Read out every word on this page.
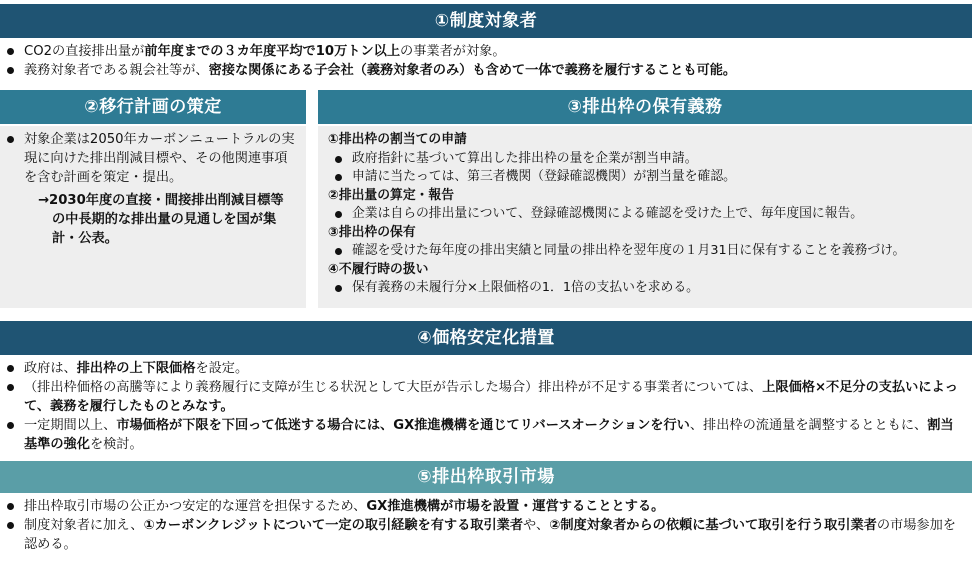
①制度対象者
CO2の直接排出量が前年度までの３カ年度平均で10万トン以上の事業者が対象。
義務対象者である親会社等が、密接な関係にある子会社（義務対象者のみ）も含めて一体で義務を履行することも可能。
②移行計画の策定
対象企業は2050年カーボンニュートラルの実現に向けた排出削減目標や、その他関連事項を含む計画を策定・提出。
→2030年度の直接・間接排出削減目標等の中長期的な排出量の見通しを国が集計・公表。
③排出枠の保有義務
①排出枠の割当ての申請
政府指針に基づいて算出した排出枠の量を企業が割当申請。
申請に当たっては、第三者機関（登録確認機関）が割当量を確認。
②排出量の算定・報告
企業は自らの排出量について、登録確認機関による確認を受けた上で、毎年度国に報告。
③排出枠の保有
確認を受けた毎年度の排出実績と同量の排出枠を翌年度の１月31日に保有することを義務づけ。
④不履行時の扱い
保有義務の未履行分×上限価格の1．1倍の支払いを求める。
④価格安定化措置
政府は、排出枠の上下限価格を設定。
（排出枠価格の高騰等により義務履行に支障が生じる状況として大臣が告示した場合）排出枠が不足する事業者については、上限価格×不足分の支払いによって、義務を履行したものとみなす。
一定期間以上、市場価格が下限を下回って低迷する場合には、GX推進機構を通じてリバースオークションを行い、排出枠の流通量を調整するとともに、割当基準の強化を検討。
⑤排出枠取引市場
排出枠取引市場の公正かつ安定的な運営を担保するため、GX推進機構が市場を設置・運営することとする。
制度対象者に加え、①カーボンクレジットについて一定の取引経験を有する取引業者や、②制度対象者からの依頼に基づいて取引を行う取引業者の市場参加を認める。
